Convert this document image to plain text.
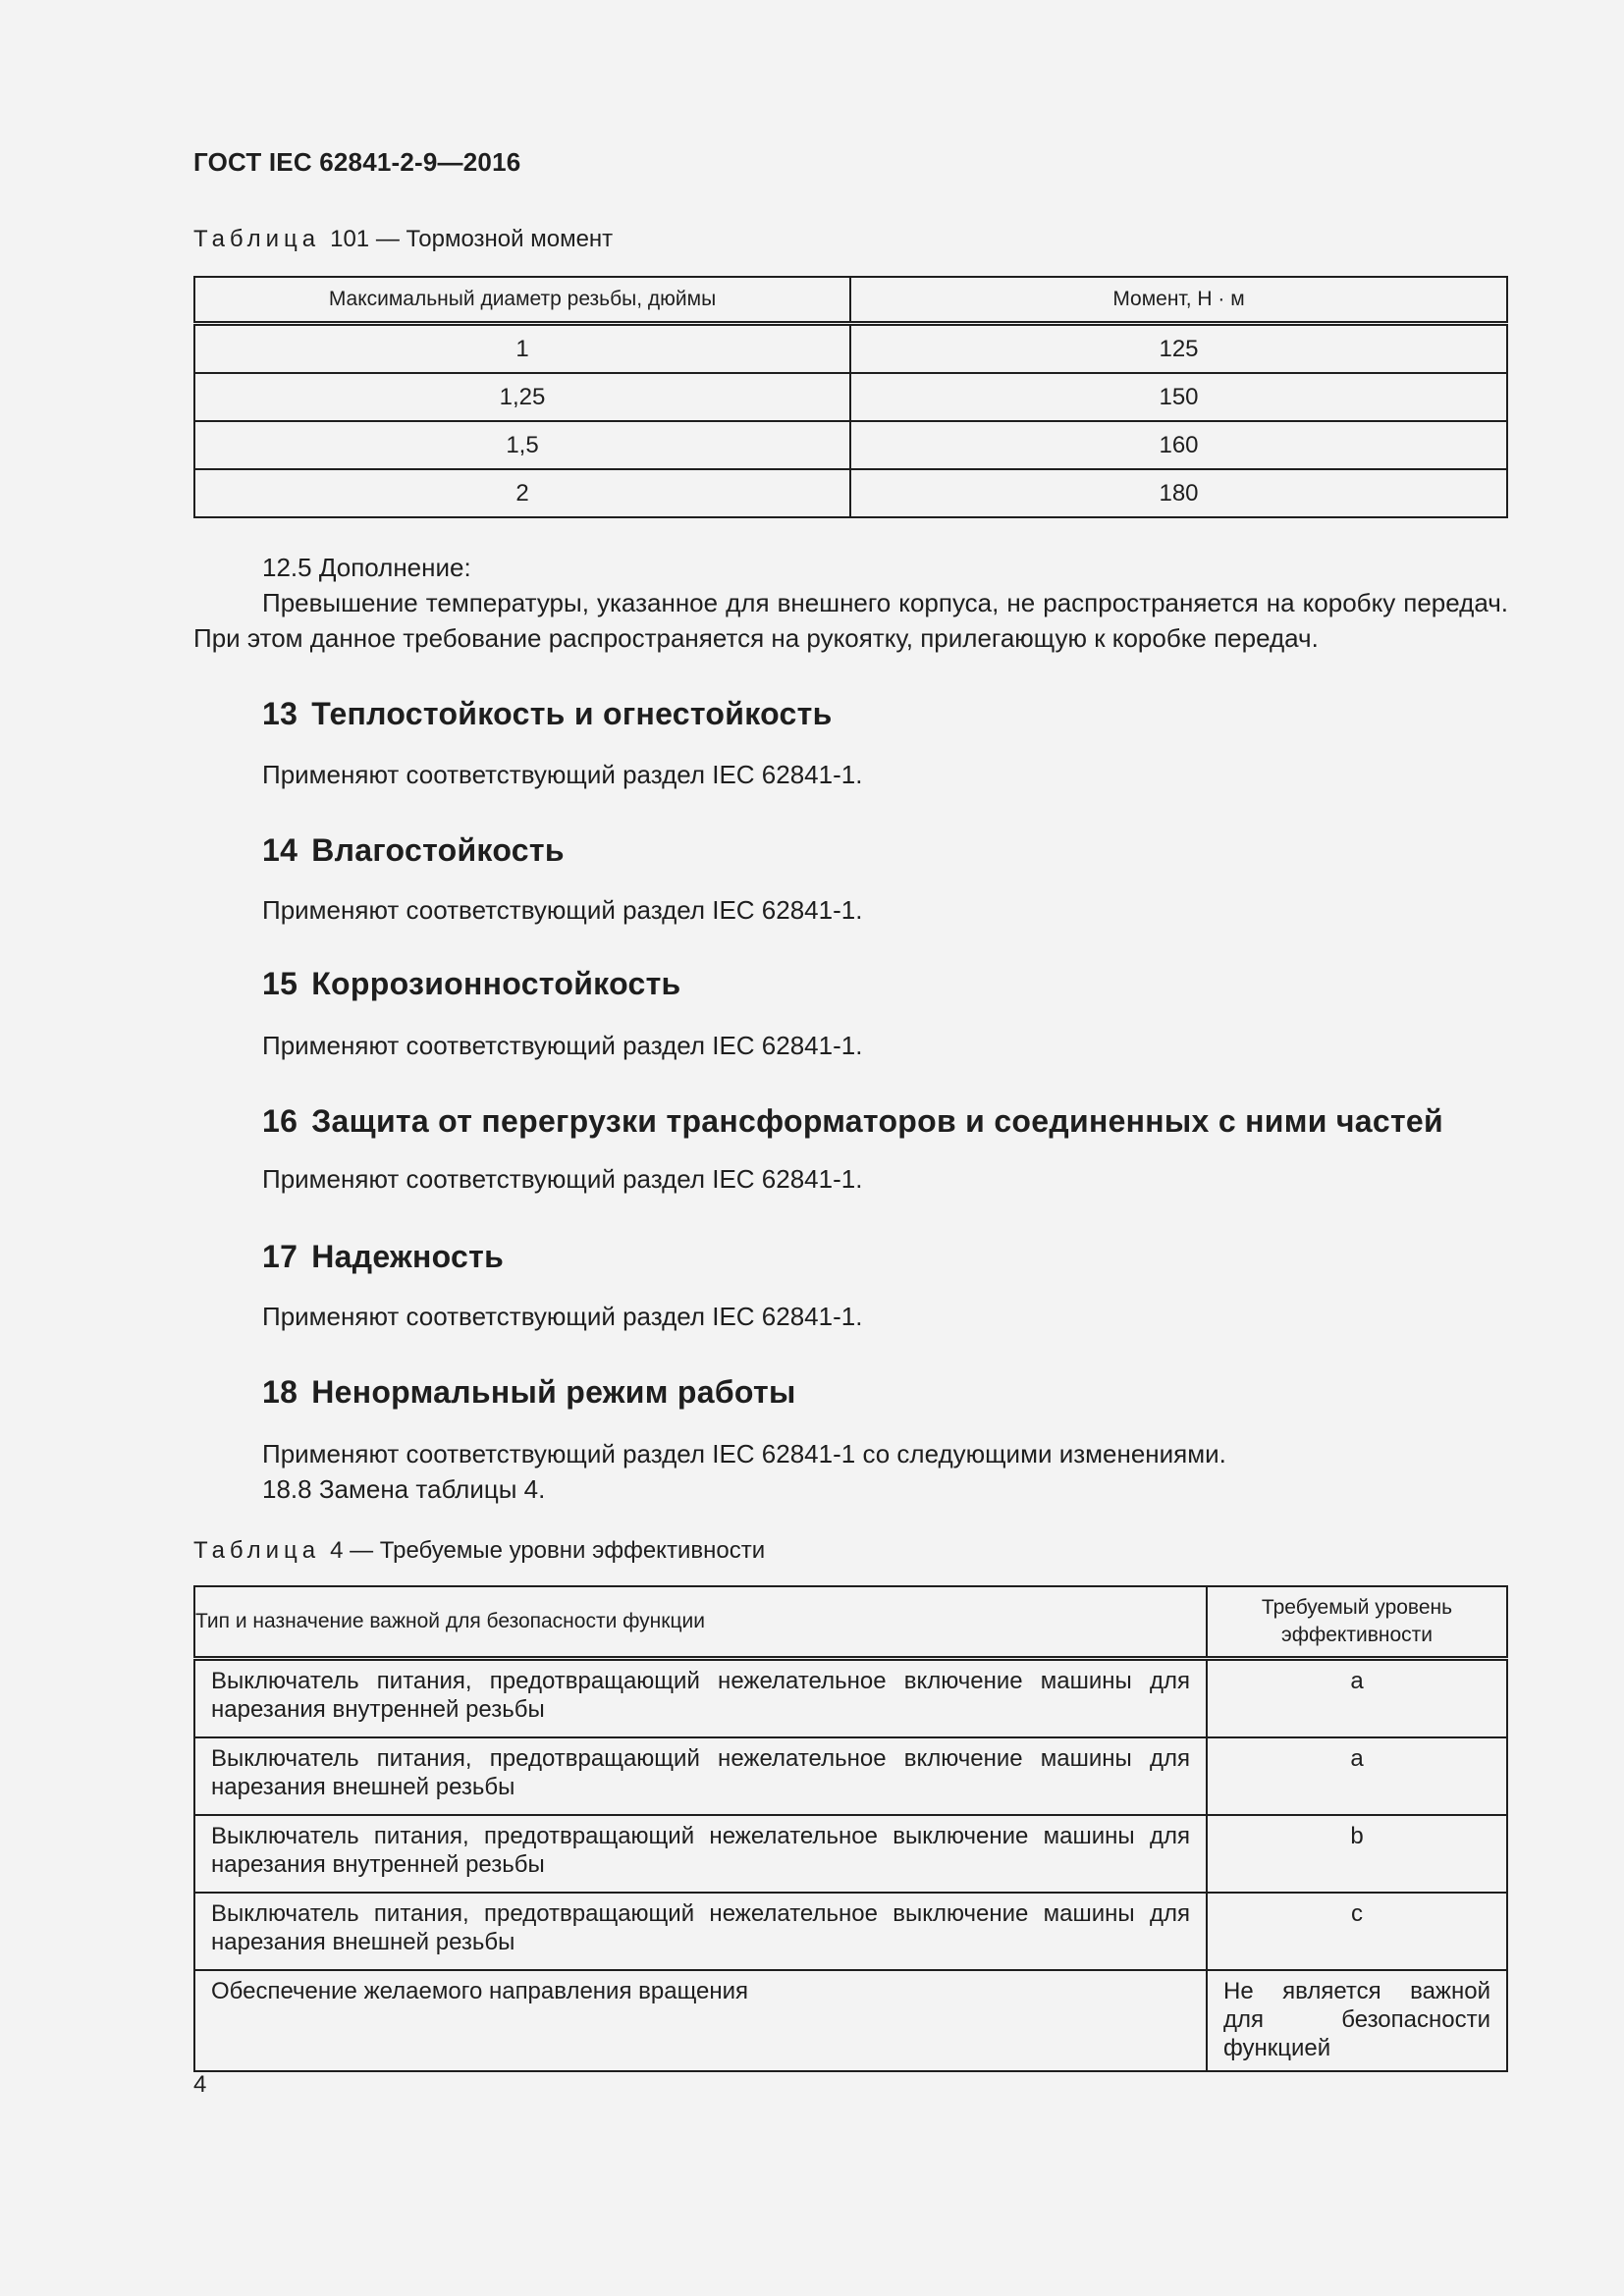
ГОСТ IEC 62841-2-9—2016
Таблица 101 — Тормозной момент
Максимальный диаметр резьбы, дюймы	Момент, Н · м
1	125
1,25	150
1,5	160
2	180
12.5 Дополнение:
Превышение температуры, указанное для внешнего корпуса, не распространяется на коробку передач. При этом данное требование распространяется на рукоятку, прилегающую к коробке передач.
13 Теплостойкость и огнестойкость
Применяют соответствующий раздел IEC 62841-1.
14 Влагостойкость
Применяют соответствующий раздел IEC 62841-1.
15 Коррозионностойкость
Применяют соответствующий раздел IEC 62841-1.
16 Защита от перегрузки трансформаторов и соединенных с ними частей
Применяют соответствующий раздел IEC 62841-1.
17 Надежность
Применяют соответствующий раздел IEC 62841-1.
18 Ненормальный режим работы
Применяют соответствующий раздел IEC 62841-1 со следующими изменениями.
18.8 Замена таблицы 4.
Таблица 4 — Требуемые уровни эффективности
Тип и назначение важной для безопасности функции	Требуемый уровень эффективности
Выключатель питания, предотвращающий нежелательное включение машины для нарезания внутренней резьбы	a
Выключатель питания, предотвращающий нежелательное включение машины для нарезания внешней резьбы	a
Выключатель питания, предотвращающий нежелательное выключение машины для нарезания внутренней резьбы	b
Выключатель питания, предотвращающий нежелательное выключение машины для нарезания внешней резьбы	c
Обеспечение желаемого направления вращения	Не является важной для безопасности функцией
4
